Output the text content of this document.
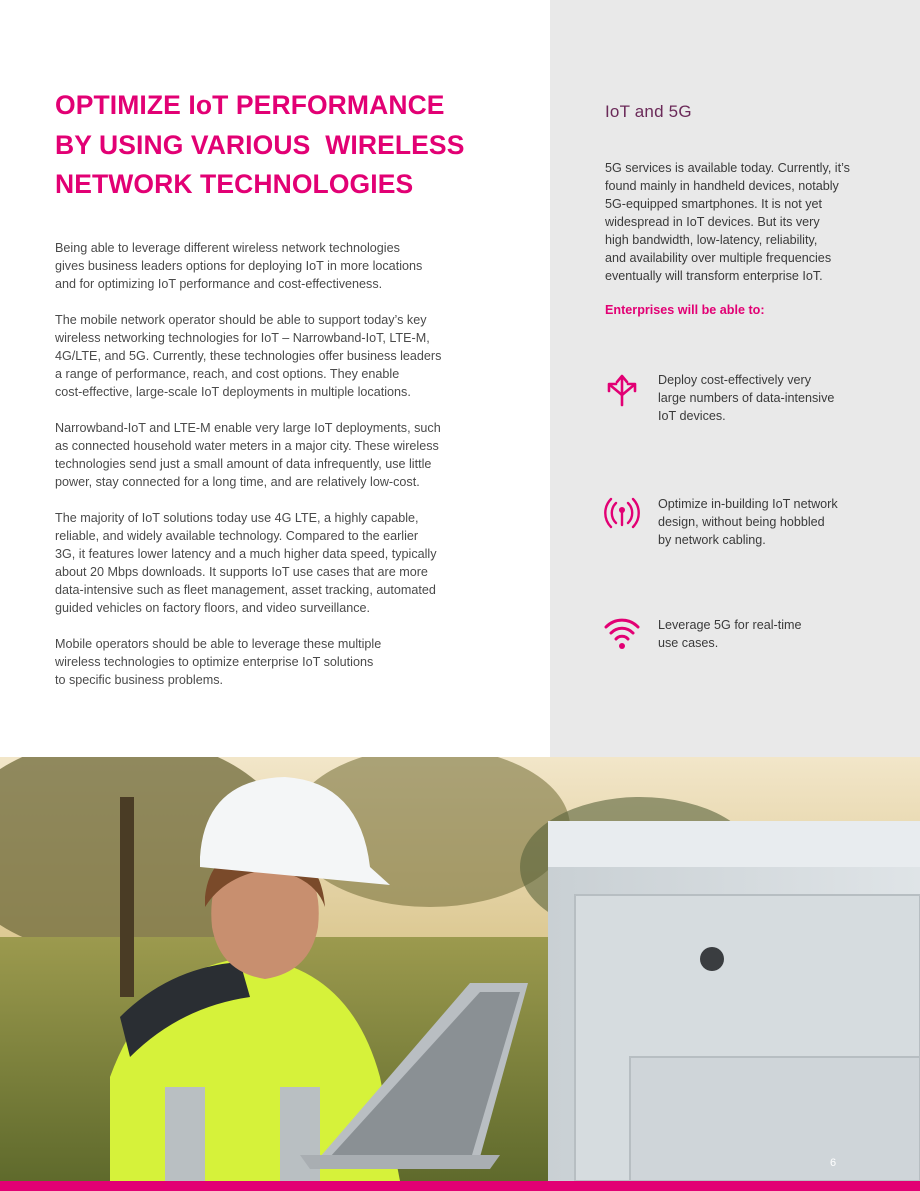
OPTIMIZE IoT PERFORMANCE
BY USING VARIOUS  WIRELESS
NETWORK TECHNOLOGIES

Being able to leverage different wireless network technologies
gives business leaders options for deploying IoT in more locations
and for optimizing IoT performance and cost-effectiveness.

The mobile network operator should be able to support today’s key
wireless networking technologies for IoT – Narrowband-IoT, LTE-M,
4G/LTE, and 5G. Currently, these technologies offer business leaders
a range of performance, reach, and cost options. They enable
cost-effective, large-scale IoT deployments in multiple locations.

Narrowband-IoT and LTE-M enable very large IoT deployments, such
as connected household water meters in a major city. These wireless
technologies send just a small amount of data infrequently, use little
power, stay connected for a long time, and are relatively low-cost.

The majority of IoT solutions today use 4G LTE, a highly capable,
reliable, and widely available technology. Compared to the earlier
3G, it features lower latency and a much higher data speed, typically
about 20 Mbps downloads. It supports IoT use cases that are more
data-intensive such as fleet management, asset tracking, automated
guided vehicles on factory floors, and video surveillance.

Mobile operators should be able to leverage these multiple
wireless technologies to optimize enterprise IoT solutions
to specific business problems.

IoT and 5G
5G services is available today. Currently, it’s
found mainly in handheld devices, notably
5G-equipped smartphones. It is not yet
widespread in IoT devices. But its very
high bandwidth, low-latency, reliability,
and availability over multiple frequencies
eventually will transform enterprise IoT.
Enterprises will be able to:
Deploy cost-effectively very
large numbers of data-intensive
IoT devices.
Optimize in-building IoT network
design, without being hobbled
by network cabling.
Leverage 5G for real-time
use cases.
6
